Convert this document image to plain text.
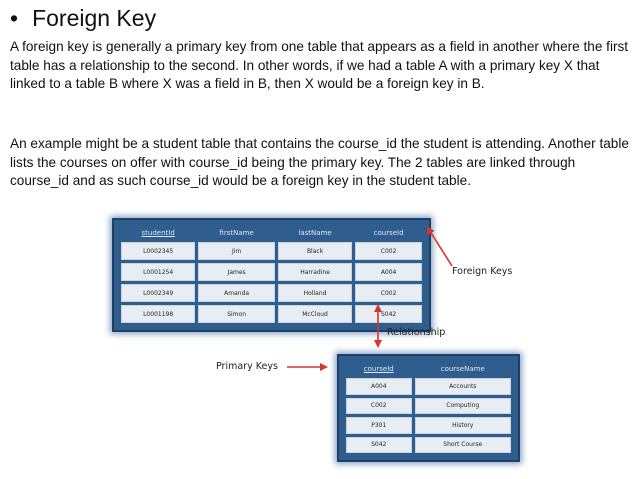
• Foreign Key
A foreign key is generally a primary key from one table that appears as a field in another where the first table has a relationship to the second. In other words, if we had a table A with a primary key X that linked to a table B where X was a field in B, then X would be a foreign key in B.
An example might be a student table that contains the course_id the student is attending. Another table lists the courses on offer with course_id being the primary key. The 2 tables are linked through course_id and as such course_id would be a foreign key in the student table.
studentId	firstName	lastName	courseId
L0002345	Jim	Black	C002
L0001254	James	Harradine	A004
L0002349	Amanda	Holland	C002
L0001198	Simon	McCloud	S042
courseId	courseName
A004	Accounts
C002	Computing
P301	History
S042	Short Course
Foreign Keys
Relationship
Primary Keys
